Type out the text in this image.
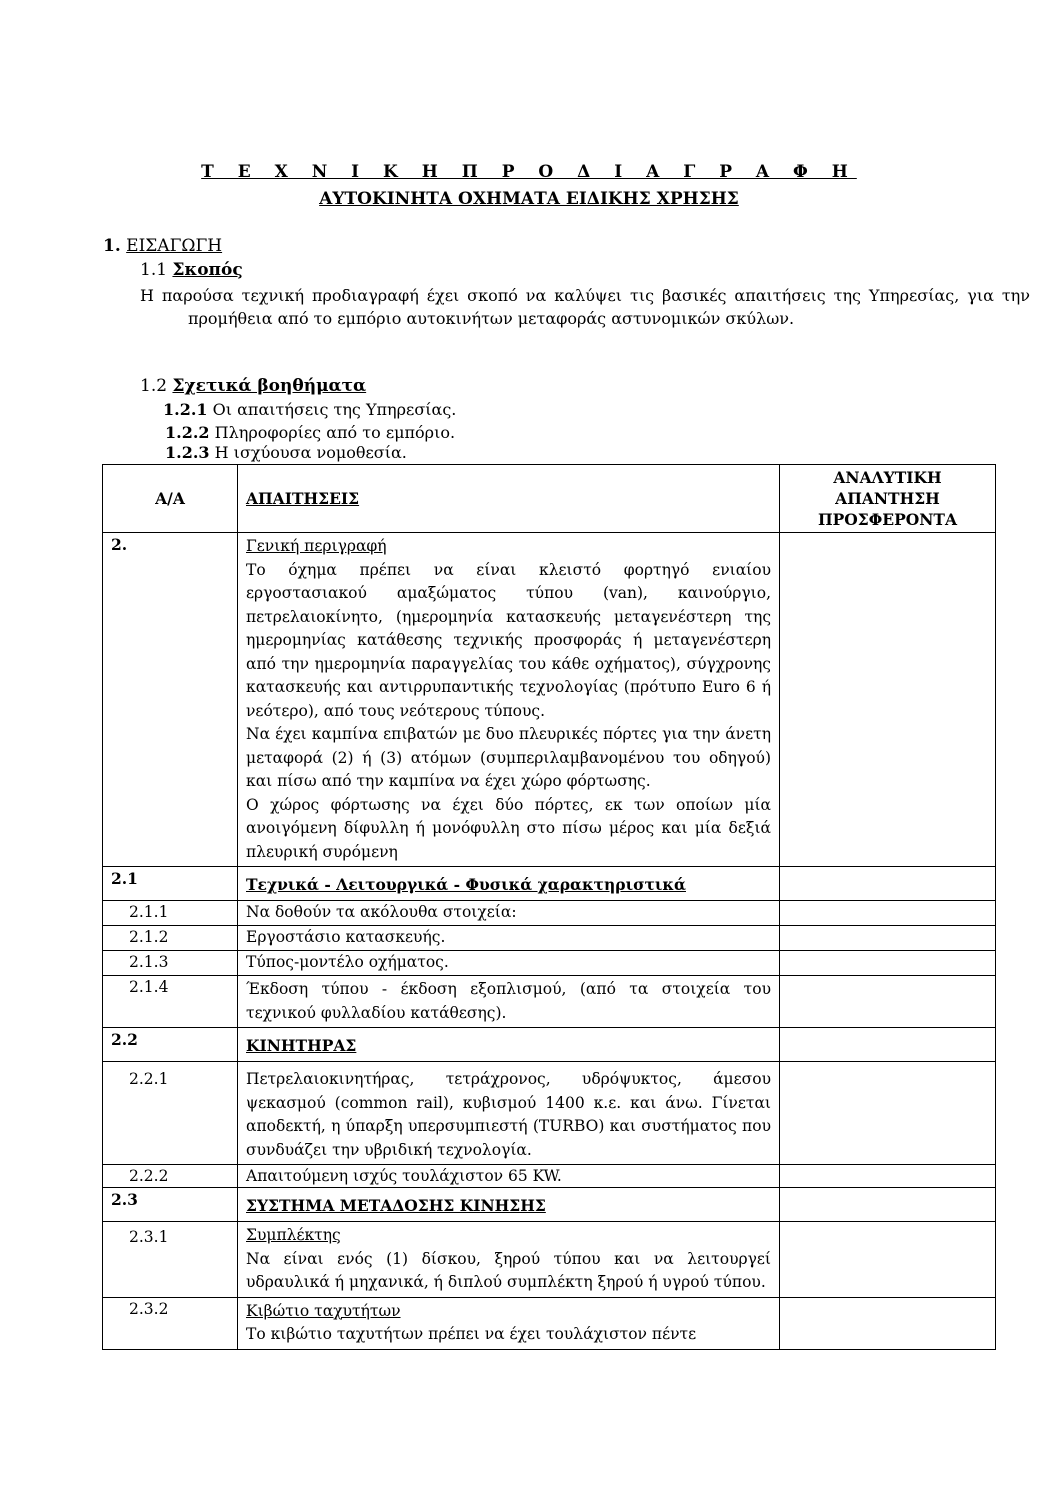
Τ Ε Χ Ν Ι Κ Η Π Ρ Ο Δ Ι Α Γ Ρ Α Φ Η
ΑΥΤΟΚΙΝΗΤΑ ΟΧΗΜΑΤΑ ΕΙΔΙΚΗΣ ΧΡΗΣΗΣ
1. ΕΙΣΑΓΩΓΗ
1.1 Σκοπός
Η παρούσα τεχνική προδιαγραφή έχει σκοπό να καλύψει τις βασικές απαιτήσεις της Υπηρεσίας, για την προμήθεια από το εμπόριο αυτοκινήτων μεταφοράς αστυνομικών σκύλων.
1.2 Σχετικά βοηθήματα
1.2.1 Οι απαιτήσεις της Υπηρεσίας.
1.2.2 Πληροφορίες από το εμπόριο.
1.2.3 Η ισχύουσα νομοθεσία.
Α/Α	ΑΠΑΙΤΗΣΕΙΣ	ΑΝΑΛΥΤΙΚΗ
ΑΠΑΝΤΗΣΗ
ΠΡΟΣΦΕΡΟΝΤΑ

2.	Γενική περιγραφή
Το όχημα πρέπει να είναι κλειστό φορτηγό ενιαίου εργοστασιακού αμαξώματος τύπου (van), καινούργιο, πετρελαιοκίνητο, (ημερομηνία κατασκευής μεταγενέστερη της ημερομηνίας κατάθεσης τεχνικής προσφοράς ή μεταγενέστερη από την ημερομηνία παραγγελίας του κάθε οχήματος), σύγχρονης κατασκευής και αντιρρυπαντικής τεχνολογίας (πρότυπο Euro 6 ή νεότερο), από τους νεότερους τύπους.
Να έχει καμπίνα επιβατών με δυο πλευρικές πόρτες για την άνετη μεταφορά (2) ή (3) ατόμων (συμπεριλαμβανομένου του οδηγού) και πίσω από την καμπίνα να έχει χώρο φόρτωσης.
Ο χώρος φόρτωσης να έχει δύο πόρτες, εκ των οποίων μία ανοιγόμενη δίφυλλη ή μονόφυλλη στο πίσω μέρος και μία δεξιά πλευρική συρόμενη	

2.1	Τεχνικά - Λειτουργικά - Φυσικά χαρακτηριστικά	
2.1.1	Να δοθούν τα ακόλουθα στοιχεία:	
2.1.2	Εργοστάσιο κατασκευής.	
2.1.3	Τύπος-μοντέλο οχήματος.	
2.1.4	Έκδοση τύπου - έκδοση εξοπλισμού, (από τα στοιχεία του τεχνικού φυλλαδίου κατάθεσης).	
2.2	ΚΙΝΗΤΗΡΑΣ	
2.2.1	Πετρελαιοκινητήρας, τετράχρονος, υδρόψυκτος, άμεσου ψεκασμού (common rail), κυβισμού 1400 κ.ε. και άνω. Γίνεται αποδεκτή, η ύπαρξη υπερσυμπιεστή (TURBO) και συστήματος που συνδυάζει την υβριδική τεχνολογία.	
2.2.2	Απαιτούμενη ισχύς τουλάχιστον 65 KW.	
2.3	ΣΥΣΤΗΜΑ ΜΕΤΑΔΟΣΗΣ ΚΙΝΗΣΗΣ	
2.3.1	Συμπλέκτης
Να είναι ενός (1) δίσκου, ξηρού τύπου και να λειτουργεί υδραυλικά ή μηχανικά, ή διπλού συμπλέκτη ξηρού ή υγρού τύπου.	

2.3.2	Κιβώτιο ταχυτήτων
Το κιβώτιο ταχυτήτων πρέπει να έχει τουλάχιστον πέντε	
